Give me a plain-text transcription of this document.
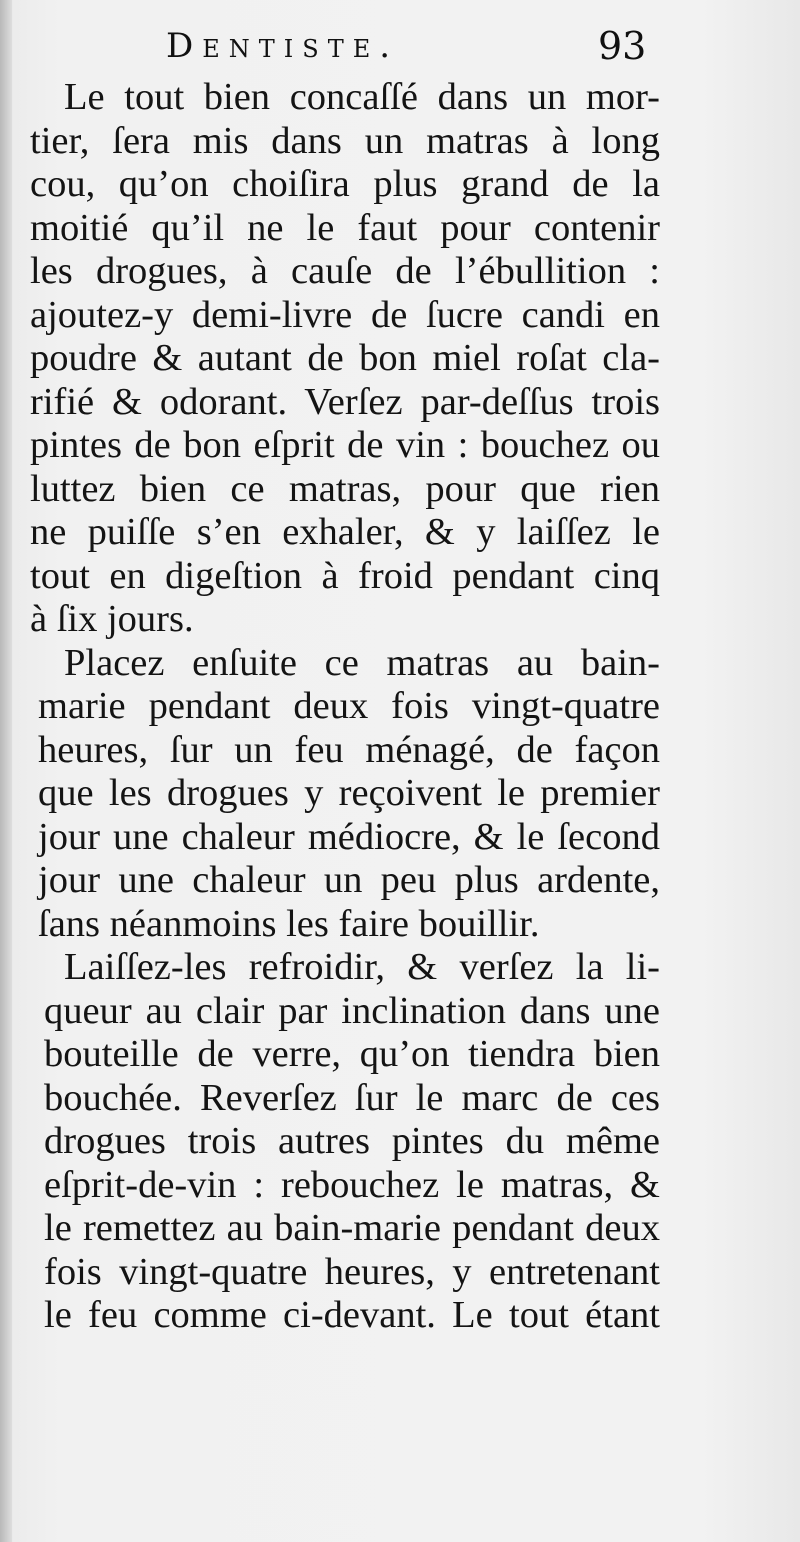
Dentiste.	93
Le tout bien concaſſé dans un mor-
tier, ſera mis dans un matras à long
cou, qu’on choiſira plus grand de la
moitié qu’il ne le faut pour contenir
les drogues, à cauſe de l’ébullition :
ajoutez-y demi-livre de ſucre candi en
poudre & autant de bon miel roſat cla-
rifié & odorant. Verſez par-deſſus trois
pintes de bon eſprit de vin : bouchez ou
luttez bien ce matras, pour que rien
ne puiſſe s’en exhaler, & y laiſſez le
tout en digeſtion à froid pendant cinq
à ſix jours.
Placez enſuite ce matras au bain-
marie pendant deux fois vingt-quatre
heures, ſur un feu ménagé, de façon
que les drogues y reçoivent le premier
jour une chaleur médiocre, & le ſecond
jour une chaleur un peu plus ardente,
ſans néanmoins les faire bouillir.
Laiſſez-les refroidir, & verſez la li-
queur au clair par inclination dans une
bouteille de verre, qu’on tiendra bien
bouchée. Reverſez ſur le marc de ces
drogues trois autres pintes du même
eſprit-de-vin : rebouchez le matras, &
le remettez au bain-marie pendant deux
fois vingt-quatre heures, y entretenant
le feu comme ci-devant. Le tout étant
